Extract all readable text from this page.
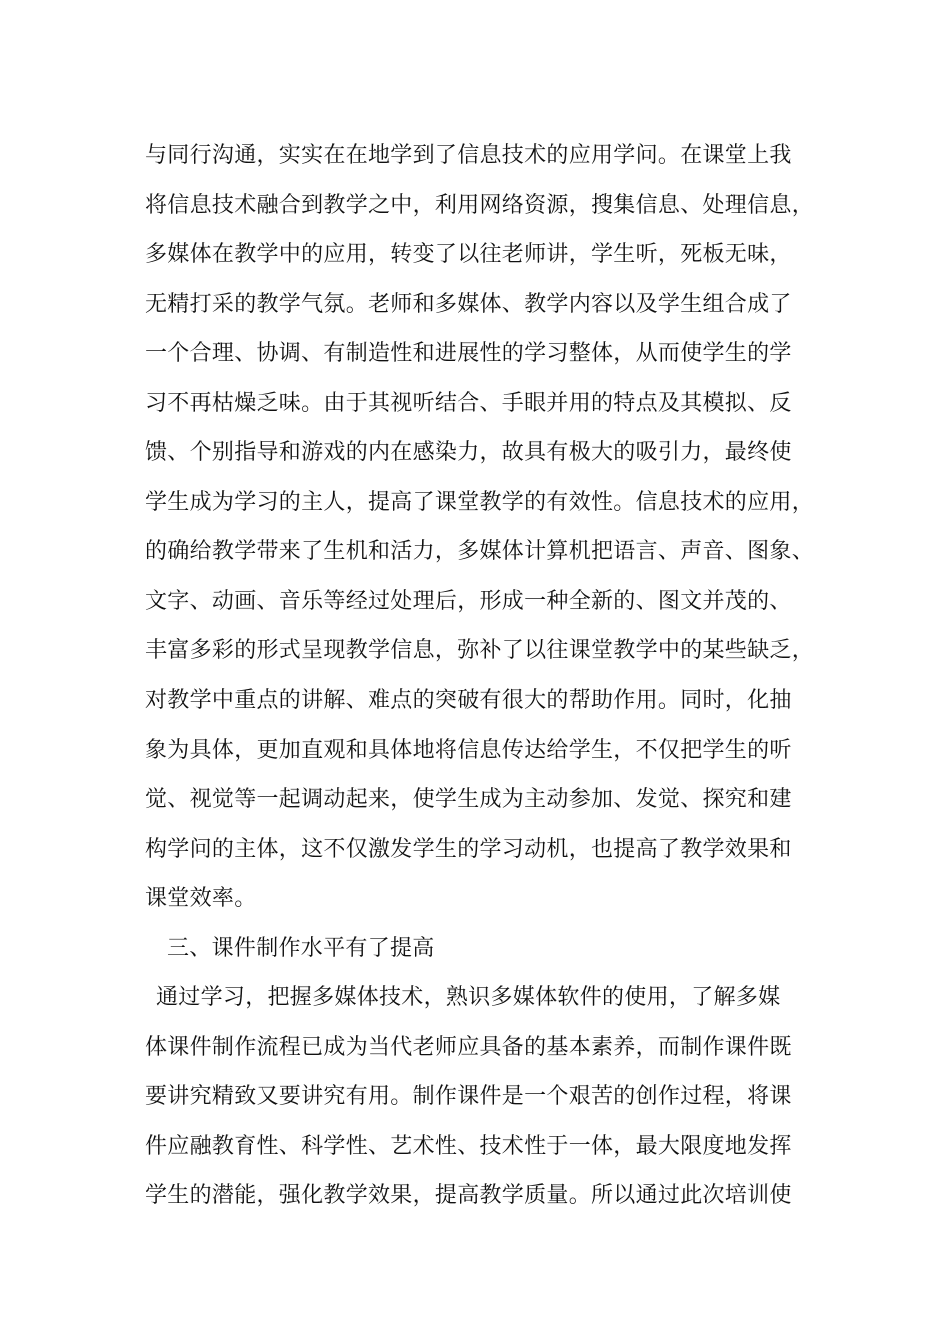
与同行沟通，实实在在地学到了信息技术的应用学问。在课堂上我
将信息技术融合到教学之中，利用网络资源，搜集信息、处理信息，
多媒体在教学中的应用，转变了以往老师讲，学生听，死板无味，
无精打采的教学气氛。老师和多媒体、教学内容以及学生组合成了
一个合理、协调、有制造性和进展性的学习整体，从而使学生的学
习不再枯燥乏味。由于其视听结合、手眼并用的特点及其模拟、反
馈、个别指导和游戏的内在感染力，故具有极大的吸引力，最终使
学生成为学习的主人，提高了课堂教学的有效性。信息技术的应用，
的确给教学带来了生机和活力，多媒体计算机把语言、声音、图象、
文字、动画、音乐等经过处理后，形成一种全新的、图文并茂的、
丰富多彩的形式呈现教学信息，弥补了以往课堂教学中的某些缺乏，
对教学中重点的讲解、难点的突破有很大的帮助作用。同时，化抽
象为具体，更加直观和具体地将信息传达给学生，不仅把学生的听
觉、视觉等一起调动起来，使学生成为主动参加、发觉、探究和建
构学问的主体，这不仅激发学生的学习动机，也提高了教学效果和
课堂效率。
三、课件制作水平有了提高
通过学习，把握多媒体技术，熟识多媒体软件的使用，了解多媒
体课件制作流程已成为当代老师应具备的基本素养，而制作课件既
要讲究精致又要讲究有用。制作课件是一个艰苦的创作过程，将课
件应融教育性、科学性、艺术性、技术性于一体，最大限度地发挥
学生的潜能，强化教学效果，提高教学质量。所以通过此次培训使
